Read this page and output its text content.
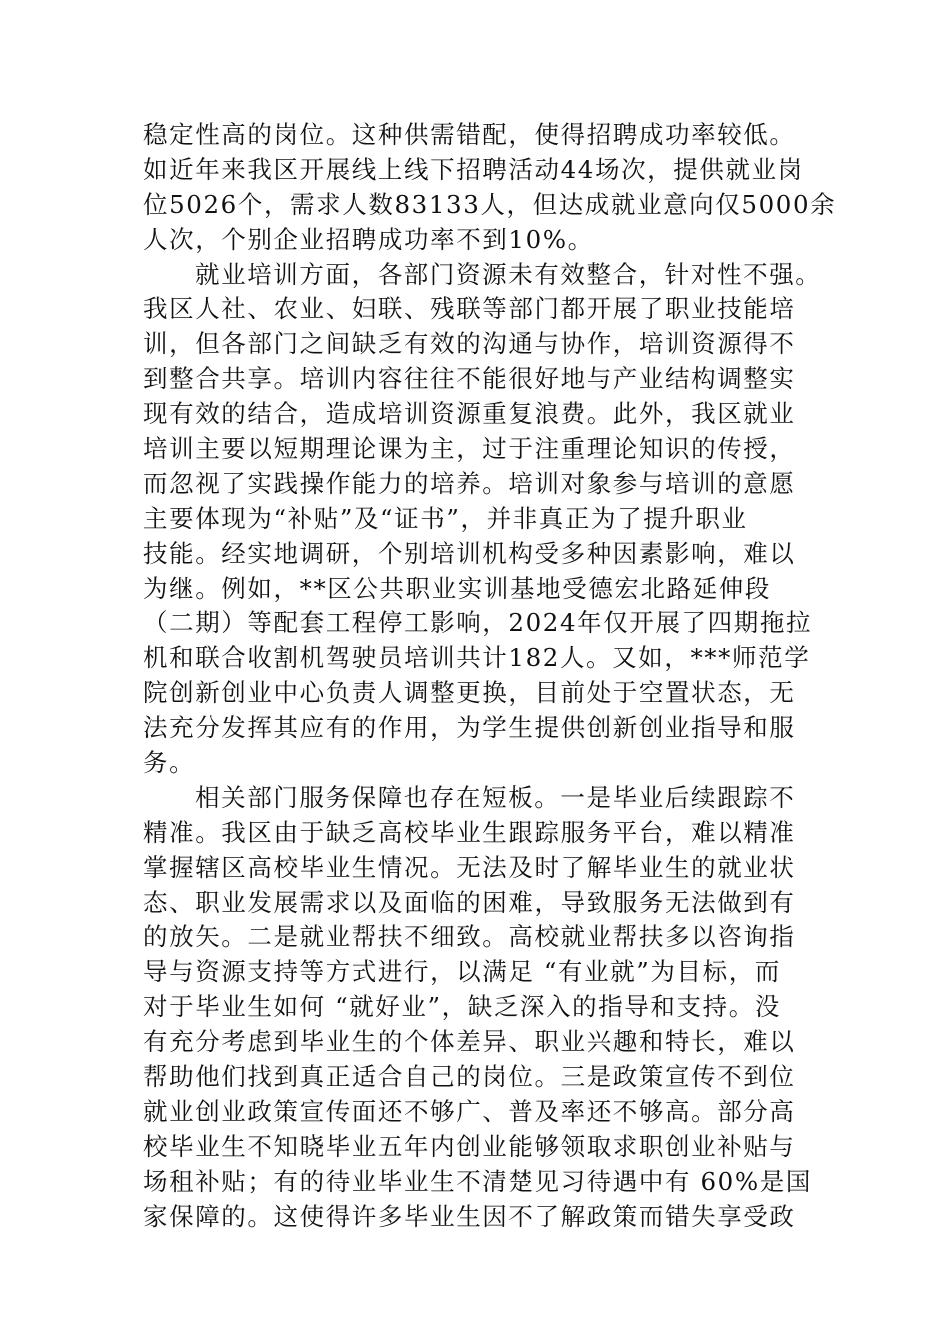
稳定性高的岗位。这种供需错配，使得招聘成功率较低。
如近年来我区开展线上线下招聘活动44场次，提供就业岗
位5026个，需求人数83133人，但达成就业意向仅5000余
人次，个别企业招聘成功率不到10%。
就业培训方面，各部门资源未有效整合，针对性不强。
我区人社、农业、妇联、残联等部门都开展了职业技能培
训，但各部门之间缺乏有效的沟通与协作，培训资源得不
到整合共享。培训内容往往不能很好地与产业结构调整实
现有效的结合，造成培训资源重复浪费。此外，我区就业
培训主要以短期理论课为主，过于注重理论知识的传授，
而忽视了实践操作能力的培养。培训对象参与培训的意愿
主要体现为“补贴”及“证书”，并非真正为了提升职业
技能。经实地调研，个别培训机构受多种因素影响，难以
为继。例如，**区公共职业实训基地受德宏北路延伸段
（二期）等配套工程停工影响，2024年仅开展了四期拖拉
机和联合收割机驾驶员培训共计182人。又如，***师范学
院创新创业中心负责人调整更换，目前处于空置状态，无
法充分发挥其应有的作用，为学生提供创新创业指导和服
务。
相关部门服务保障也存在短板。一是毕业后续跟踪不
精准。我区由于缺乏高校毕业生跟踪服务平台，难以精准
掌握辖区高校毕业生情况。无法及时了解毕业生的就业状
态、职业发展需求以及面临的困难，导致服务无法做到有
的放矢。二是就业帮扶不细致。高校就业帮扶多以咨询指
导与资源支持等方式进行，以满足 “有业就”为目标，而
对于毕业生如何 “就好业”，缺乏深入的指导和支持。没
有充分考虑到毕业生的个体差异、职业兴趣和特长，难以
帮助他们找到真正适合自己的岗位。三是政策宣传不到位
就业创业政策宣传面还不够广、普及率还不够高。部分高
校毕业生不知晓毕业五年内创业能够领取求职创业补贴与
场租补贴；有的待业毕业生不清楚见习待遇中有 60%是国
家保障的。这使得许多毕业生因不了解政策而错失享受政
